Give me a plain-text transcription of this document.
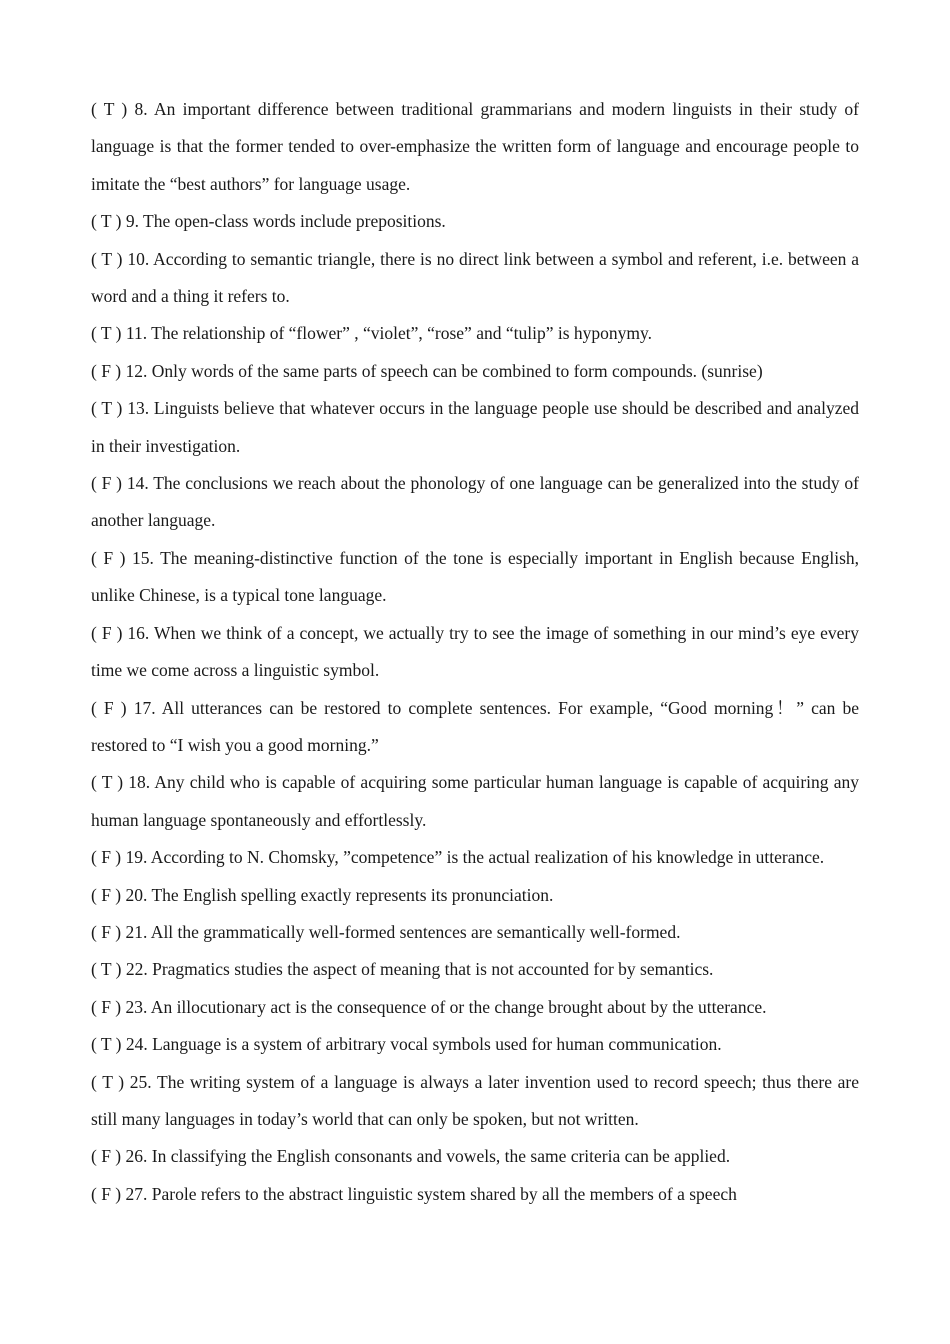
( T ) 8. An important difference between traditional grammarians and modern linguists in their study of language is that the former tended to over-emphasize the written form of language and encourage people to imitate the “best authors” for language usage.

( T ) 9. The open-class words include prepositions.

( T ) 10. According to semantic triangle, there is no direct link between a symbol and referent, i.e. between a word and a thing it refers to.

( T ) 11. The relationship of “flower” , “violet”, “rose” and “tulip” is hyponymy.

( F ) 12. Only words of the same parts of speech can be combined to form compounds. (sunrise)

( T ) 13. Linguists believe that whatever occurs in the language people use should be described and analyzed in their investigation.

( F ) 14. The conclusions we reach about the phonology of one language can be generalized into the study of another language.

( F ) 15. The meaning-distinctive function of the tone is especially important in English because English, unlike Chinese, is a typical tone language.

( F ) 16. When we think of a concept, we actually try to see the image of something in our mind’s eye every time we come across a linguistic symbol.

( F ) 17. All utterances can be restored to complete sentences. For example, “Good morning！” can be restored to “I wish you a good morning.”

( T ) 18. Any child who is capable of acquiring some particular human language is capable of acquiring any human language spontaneously and effortlessly.

( F ) 19. According to N. Chomsky, ”competence” is the actual realization of his knowledge in utterance.

( F ) 20. The English spelling exactly represents its pronunciation.

( F ) 21. All the grammatically well-formed sentences are semantically well-formed.

( T ) 22. Pragmatics studies the aspect of meaning that is not accounted for by semantics.

( F ) 23. An illocutionary act is the consequence of or the change brought about by the utterance.

( T ) 24. Language is a system of arbitrary vocal symbols used for human communication.

( T ) 25. The writing system of a language is always a later invention used to record speech; thus there are still many languages in today’s world that can only be spoken, but not written.

( F ) 26. In classifying the English consonants and vowels, the same criteria can be applied.

( F ) 27. Parole refers to the abstract linguistic system shared by all the members of a speech
